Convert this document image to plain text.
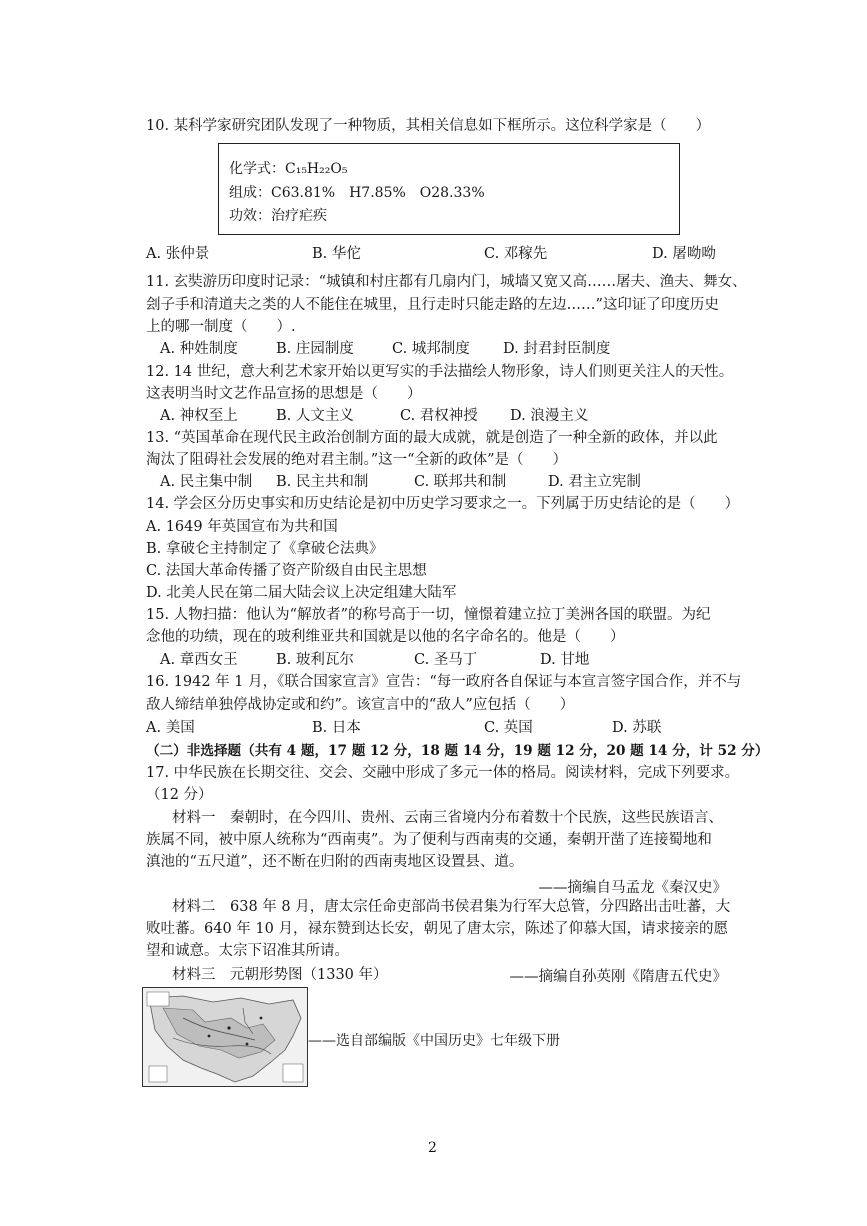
10. 某科学家研究团队发现了一种物质，其相关信息如下框所示。这位科学家是（　　）
化学式：C₁₅H₂₂O₅
组成：C63.81%　H7.85%　O28.33%
功效：治疗疟疾
A. 张仲景	B. 华佗	C. 邓稼先	D. 屠呦呦
11. 玄奘游历印度时记录：“城镇和村庄都有几扇内门，城墙又宽又高……屠夫、渔夫、舞女、
刽子手和清道夫之类的人不能住在城里，且行走时只能走路的左边……”这印证了印度历史
上的哪一制度（　　）.
A. 种姓制度	B. 庄园制度	C. 城邦制度 D. 封君封臣制度
12. 14 世纪，意大利艺术家开始以更写实的手法描绘人物形象，诗人们则更关注人的天性。
这表明当时文艺作品宣扬的思想是（　　）
A. 神权至上	B. 人文主义	C. 君权神授 D. 浪漫主义
13. “英国革命在现代民主政治创制方面的最大成就，就是创造了一种全新的政体，并以此
淘汰了阻碍社会发展的绝对君主制。”这一“全新的政体”是（　　）
A. 民主集中制 B. 民主共和制	C. 联邦共和制	D. 君主立宪制
14. 学会区分历史事实和历史结论是初中历史学习要求之一。下列属于历史结论的是（　　）
A. 1649 年英国宣布为共和国
B. 拿破仑主持制定了《拿破仑法典》
C. 法国大革命传播了资产阶级自由民主思想
D. 北美人民在第二届大陆会议上决定组建大陆军
15. 人物扫描：他认为“解放者”的称号高于一切，憧憬着建立拉丁美洲各国的联盟。为纪
念他的功绩，现在的玻利维亚共和国就是以他的名字命名的。他是（　　）
A. 章西女王	B. 玻利瓦尔	C. 圣马丁	D. 甘地
16. 1942 年 1 月，《联合国家宣言》宣告：“每一政府各自保证与本宣言签字国合作，并不与
敌人缔结单独停战协定或和约”。该宣言中的“敌人”应包括（　　）
A. 美国	B. 日本	C. 英国	D. 苏联
（二）非选择题（共有 4 题，17 题 12 分，18 题 14 分，19 题 12 分，20 题 14 分，计 52 分）
17. 中华民族在长期交往、交会、交融中形成了多元一体的格局。阅读材料，完成下列要求。
（12 分）
材料一　秦朝时，在今四川、贵州、云南三省境内分布着数十个民族，这些民族语言、
族属不同，被中原人统称为“西南夷”。为了便利与西南夷的交通，秦朝开凿了连接蜀地和
滇池的“五尺道”，还不断在归附的西南夷地区设置县、道。
——摘编自马孟龙《秦汉史》
材料二　638 年 8 月，唐太宗任命吏部尚书侯君集为行军大总管，分四路出击吐蕃，大
败吐蕃。640 年 10 月，禄东赞到达长安，朝见了唐太宗，陈述了仰慕大国，请求接亲的愿
望和诚意。太宗下诏准其所请。
——摘编自孙英刚《隋唐五代史》
材料三　元朝形势图（1330 年）
——选自部编版《中国历史》七年级下册
2
